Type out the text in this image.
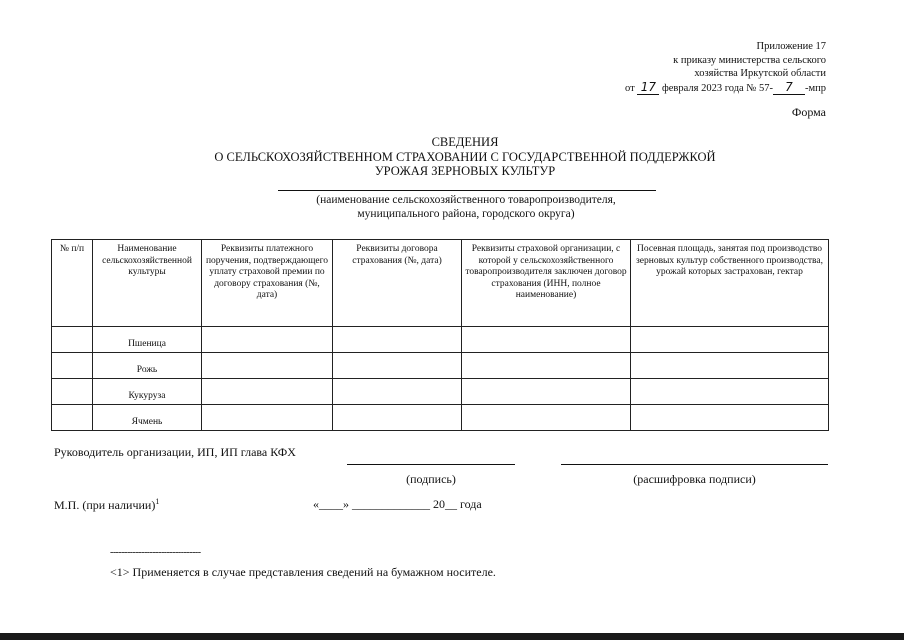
Приложение 17
к приказу министерства сельского
хозяйства Иркутской области
от 17 февраля 2023 года № 57- 7 -мпр
Форма
СВЕДЕНИЯ
О СЕЛЬСКОХОЗЯЙСТВЕННОМ СТРАХОВАНИИ С ГОСУДАРСТВЕННОЙ ПОДДЕРЖКОЙ
УРОЖАЯ ЗЕРНОВЫХ КУЛЬТУР
(наименование сельскохозяйственного товаропроизводителя,
муниципального района, городского округа)
№ п/п	Наименование сельскохозяйственной культуры	Реквизиты платежного поручения, подтверждающего уплату страховой премии по договору страхования (№, дата)	Реквизиты договора страхования (№, дата)	Реквизиты страховой организации, с которой у сельскохозяйственного товаропроизводителя заключен договор страхования (ИНН, полное наименование)	Посевная площадь, занятая под производство зерновых культур собственного производства, урожай которых застрахован, гектар
	Пшеница				
	Рожь				
	Кукуруза				
	Ячмень				
Руководитель организации, ИП, ИП глава КФХ
(подпись)	(расшифровка подписи)
М.П. (при наличии)$^1$	«____» _____________ 20__ года
--------------------------------
<1> Применяется в случае представления сведений на бумажном носителе.
